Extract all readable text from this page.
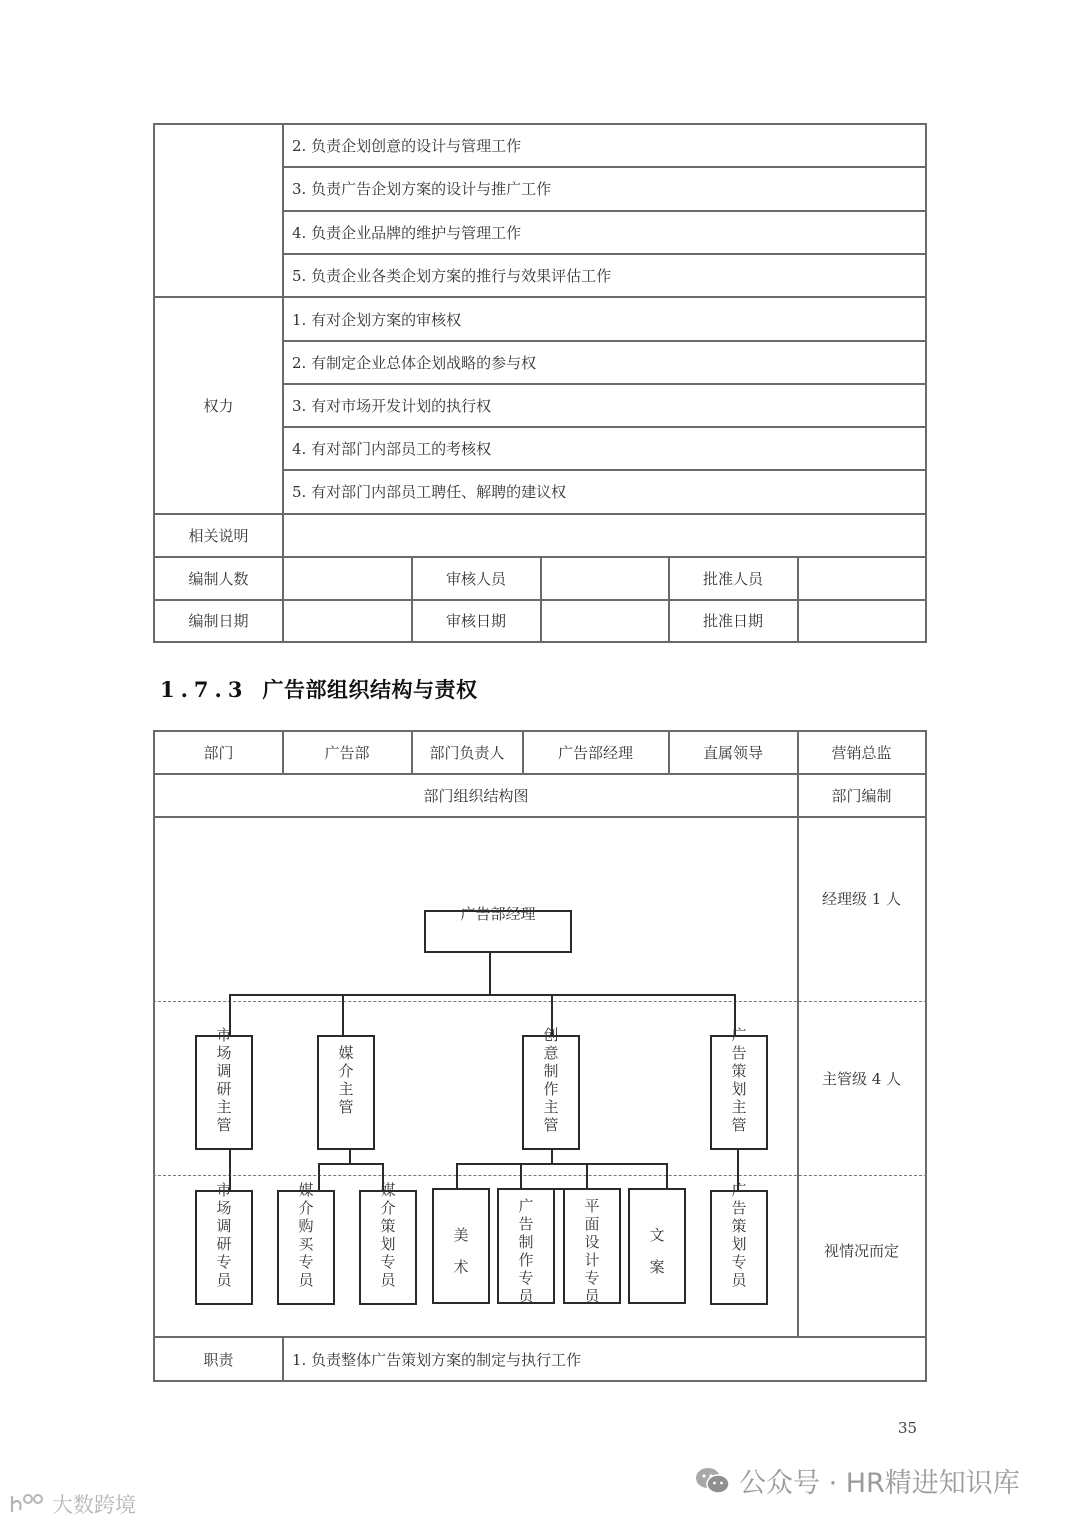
2. 负责企划创意的设计与管理工作
3. 负责广告企划方案的设计与推广工作
4. 负责企业品牌的维护与管理工作
5. 负责企业各类企划方案的推行与效果评估工作
权力
1. 有对企划方案的审核权
2. 有制定企业总体企划战略的参与权
3. 有对市场开发计划的执行权
4. 有对部门内部员工的考核权
5. 有对部门内部员工聘任、解聘的建议权
相关说明
编制人数	审核人员	批准人员
编制日期	审核日期	批准日期
1.7.3 广告部组织结构与责权
部门	广告部	部门负责人	广告部经理	直属领导	营销总监
部门组织结构图	部门编制
经理级 1 人
主管级 4 人
视情况而定
广告部经理
市场调研主管
媒介主管
创意制作主管
广告策划主管
市场调研专员
媒介购买专员
媒介策划专员
美术
广告制作专员
平面设计专员
文案
广告策划专员
职责	1. 负责整体广告策划方案的制定与执行工作
35
公众号 · HR精进知识库
大数跨境
